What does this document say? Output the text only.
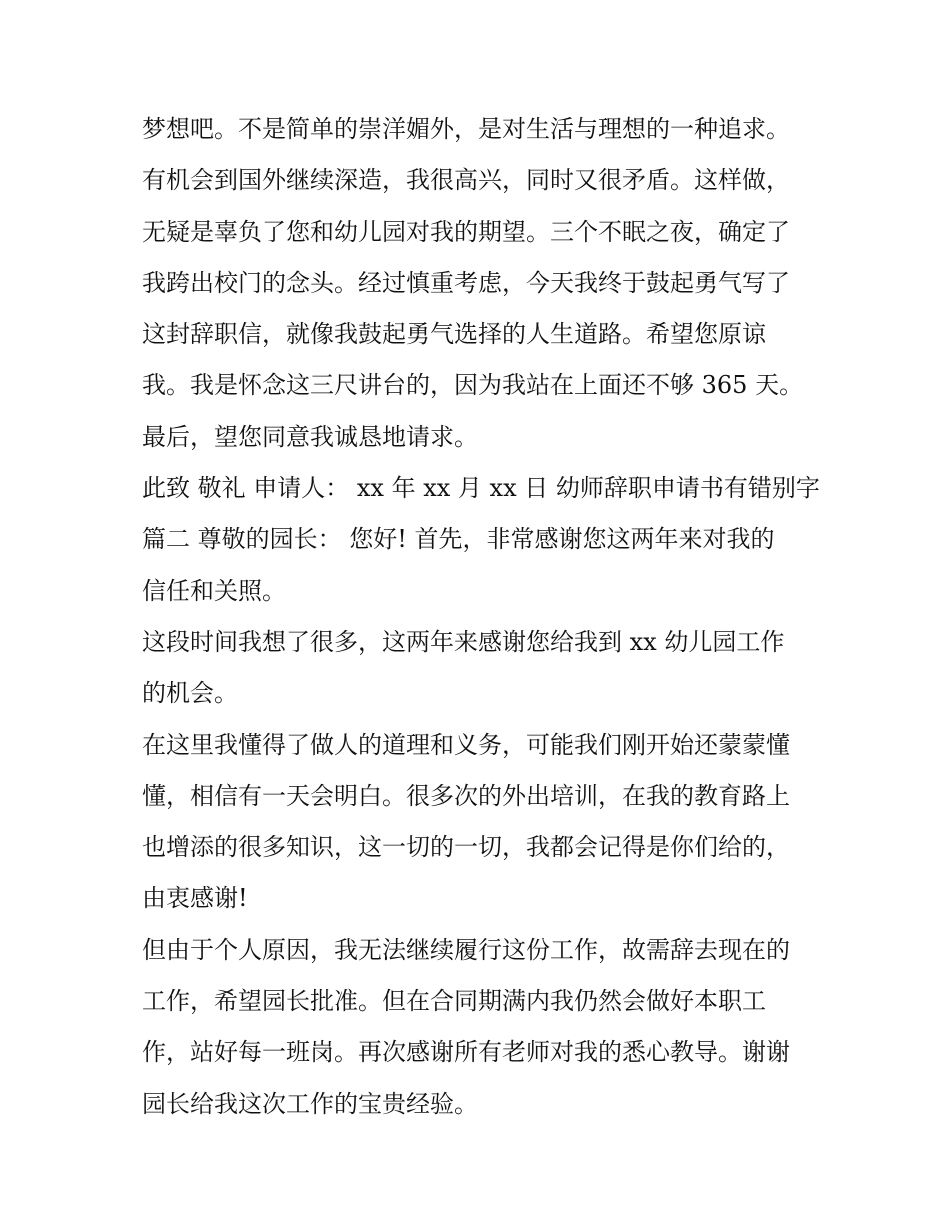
梦想吧。不是简单的崇洋媚外，是对生活与理想的一种追求。
有机会到国外继续深造，我很高兴，同时又很矛盾。这样做，
无疑是辜负了您和幼儿园对我的期望。三个不眠之夜，确定了
我跨出校门的念头。经过慎重考虑，今天我终于鼓起勇气写了
这封辞职信，就像我鼓起勇气选择的人生道路。希望您原谅
我。我是怀念这三尺讲台的，因为我站在上面还不够 365 天。
最后，望您同意我诚恳地请求。
此致 敬礼 申请人： xx 年 xx 月 xx 日 幼师辞职申请书有错别字
篇二 尊敬的园长： 您好! 首先，非常感谢您这两年来对我的
信任和关照。
这段时间我想了很多，这两年来感谢您给我到 xx 幼儿园工作
的机会。
在这里我懂得了做人的道理和义务，可能我们刚开始还蒙蒙懂
懂，相信有一天会明白。很多次的外出培训，在我的教育路上
也增添的很多知识，这一切的一切，我都会记得是你们给的，
由衷感谢!
但由于个人原因，我无法继续履行这份工作，故需辞去现在的
工作，希望园长批准。但在合同期满内我仍然会做好本职工
作，站好每一班岗。再次感谢所有老师对我的悉心教导。谢谢
园长给我这次工作的宝贵经验。
